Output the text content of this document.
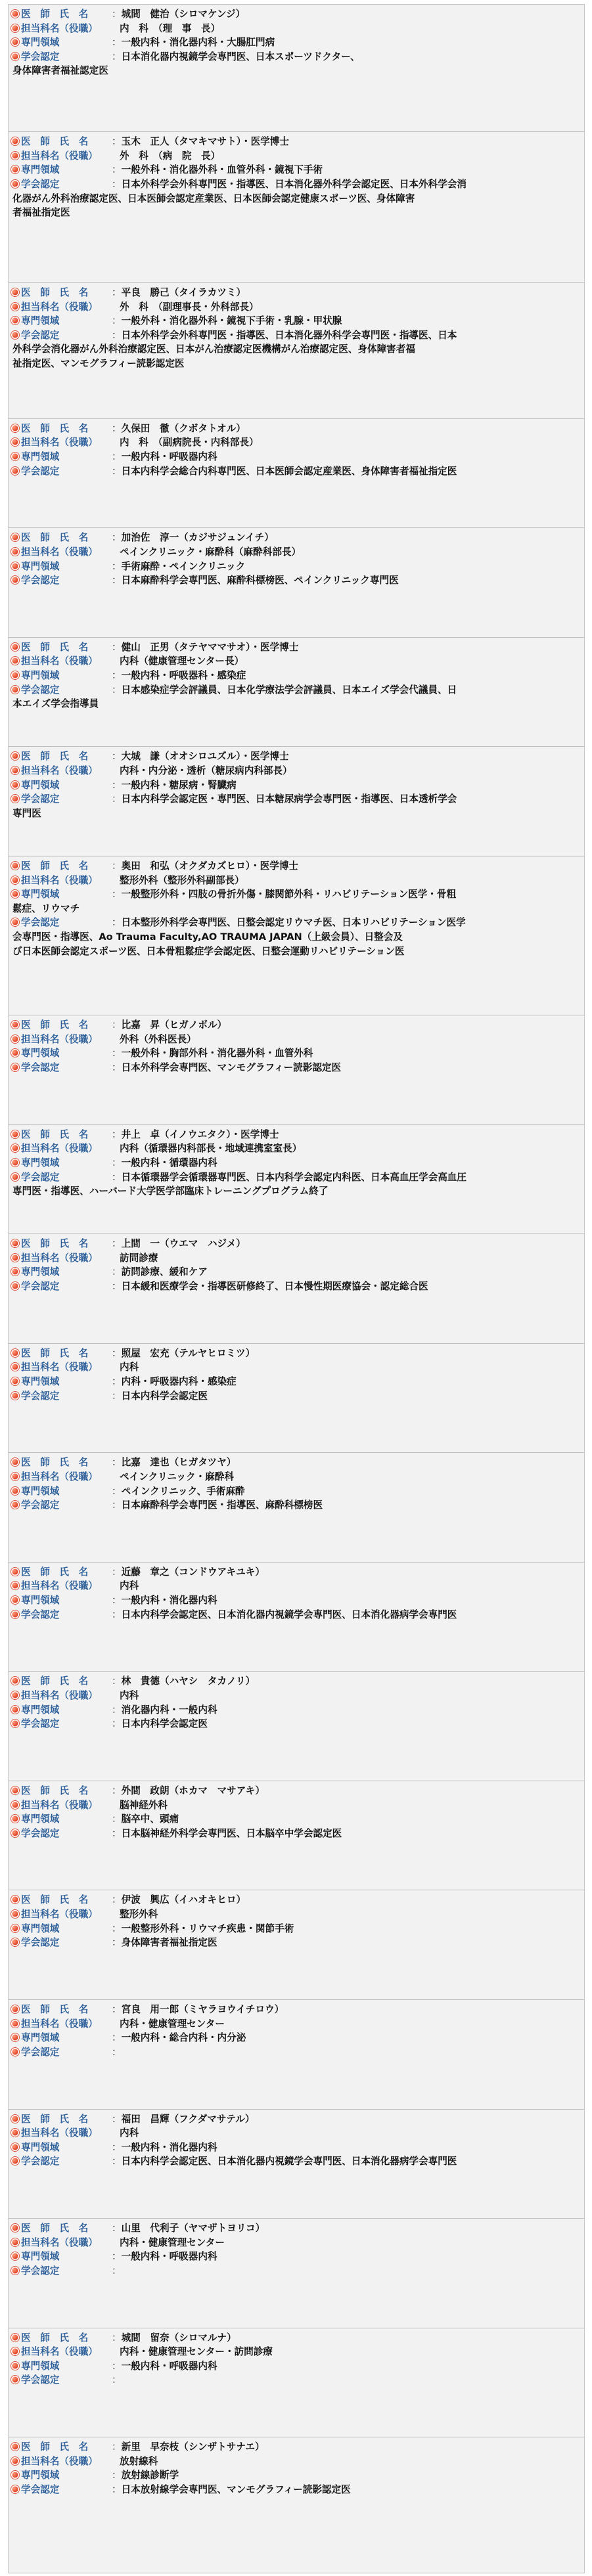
医　師　氏　名 ：城間　健治（シロマケンジ）
担当科名（役職） 内　科　（理　事　長）
専門領域	：一般内科・消化器内科・大腸肛門病
学会認定	：日本消化器内視鏡学会専門医、日本スポーツドクター、
身体障害者福祉認定医
医　師　氏　名 ：玉木　正人（タマキマサト）・医学博士
担当科名（役職） 外　科　（病　院　長）
専門領域	：一般外科・消化器外科・血管外科・鏡視下手術
学会認定	：日本外科学会外科専門医・指導医、日本消化器外科学会認定医、日本外科学会消
化器がん外科治療認定医、日本医師会認定産業医、日本医師会認定健康スポーツ医、身体障害
者福祉指定医
医　師　氏　名 ：平良　勝己（タイラカツミ）
担当科名（役職） 外　科　（副理事長・外科部長）
専門領域	：一般外科・消化器外科・鏡視下手術・乳腺・甲状腺
学会認定	：日本外科学会外科専門医・指導医、日本消化器外科学会専門医・指導医、日本
外科学会消化器がん外科治療認定医、日本がん治療認定医機構がん治療認定医、身体障害者福
祉指定医、マンモグラフィー読影認定医
医　師　氏　名 ：久保田　徹（クボタトオル）
担当科名（役職） 内　科　（副病院長・内科部長）
専門領域	：一般内科・呼吸器内科
学会認定	：日本内科学会総合内科専門医、日本医師会認定産業医、身体障害者福祉指定医
医　師　氏　名 ：加治佐　淳一（カジサジュンイチ）
担当科名（役職） ペインクリニック・麻酔科（麻酔科部長）
専門領域	：手術麻酔・ペインクリニック
学会認定	：日本麻酔科学会専門医、麻酔科標榜医、ペインクリニック専門医
医　師　氏　名 ：健山　正男（タテヤママサオ）・医学博士
担当科名（役職） 内科（健康管理センター長）
専門領域	：一般内科・呼吸器科・感染症
学会認定	：日本感染症学会評議員、日本化学療法学会評議員、日本エイズ学会代議員、日
本エイズ学会指導員
医　師　氏　名 ：大城　謙（オオシロユズル）・医学博士
担当科名（役職） 内科・内分泌・透析（糖尿病内科部長）
専門領域	：一般内科・糖尿病・腎臓病
学会認定	：日本内科学会認定医・専門医、日本糖尿病学会専門医・指導医、日本透析学会
専門医
医　師　氏　名 ：奥田　和弘（オクダカズヒロ）・医学博士
担当科名（役職） 整形外科（整形外科副部長）
専門領域	：一般整形外科・四肢の骨折外傷・膝関節外科・リハビリテーション医学・骨粗
鬆症、リウマチ
学会認定	：日本整形外科学会専門医、日整会認定リウマチ医、日本リハビリテーション医学
会専門医・指導医、Ao Trauma Faculty,AO TRAUMA JAPAN（上級会員）、日整会及
び日本医師会認定スポーツ医、日本骨粗鬆症学会認定医、日整会運動リハビリテーション医
医　師　氏　名 ：比嘉　昇（ヒガノボル）
担当科名（役職） 外科（外科医長）
専門領域	：一般外科・胸部外科・消化器外科・血管外科
学会認定	：日本外科学会専門医、マンモグラフィー読影認定医
医　師　氏　名 ：井上　卓（イノウエタク）・医学博士
担当科名（役職） 内科（循環器内科部長・地域連携室室長）
専門領域	：一般内科・循環器内科
学会認定	：日本循環器学会循環器専門医、日本内科学会認定内科医、日本高血圧学会高血圧
専門医・指導医、ハーバード大学医学部臨床トレーニングプログラム終了
医　師　氏　名 ：上間　一（ウエマ　ハジメ）
担当科名（役職） 訪問診療
専門領域	：訪問診療、緩和ケア
学会認定	：日本緩和医療学会・指導医研修終了、日本慢性期医療協会・認定総合医
医　師　氏　名 ：照屋　宏充（テルヤヒロミツ）
担当科名（役職） 内科
専門領域	：内科・呼吸器内科・感染症
学会認定	：日本内科学会認定医
医　師　氏　名 ：比嘉　達也（ヒガタツヤ）
担当科名（役職） ペインクリニック・麻酔科
専門領域	：ペインクリニック、手術麻酔
学会認定	：日本麻酔科学会専門医・指導医、麻酔科標榜医
医　師　氏　名 ：近藤　章之（コンドウアキユキ）
担当科名（役職） 内科
専門領域	：一般内科・消化器内科
学会認定	：日本内科学会認定医、日本消化器内視鏡学会専門医、日本消化器病学会専門医
医　師　氏　名 ：林　貴德（ハヤシ　タカノリ）
担当科名（役職） 内科
専門領域	：消化器内科・一般内科
学会認定	：日本内科学会認定医
医　師　氏　名 ：外間　政朗（ホカマ　マサアキ）
担当科名（役職） 脳神経外科
専門領域	：脳卒中、頭痛
学会認定	：日本脳神経外科学会専門医、日本脳卒中学会認定医
医　師　氏　名 ：伊波　興広（イハオキヒロ）
担当科名（役職） 整形外科
専門領域	：一般整形外科・リウマチ疾患・関節手術
学会認定	：身体障害者福祉指定医
医　師　氏　名 ：宮良　用一郎（ミヤラヨウイチロウ）
担当科名（役職） 内科・健康管理センター
専門領域	：一般内科・総合内科・内分泌
学会認定	：
医　師　氏　名 ：福田　昌輝（フクダマサテル）
担当科名（役職） 内科
専門領域	：一般内科・消化器内科
学会認定	：日本内科学会認定医、日本消化器内視鏡学会専門医、日本消化器病学会専門医
医　師　氏　名 ：山里　代利子（ヤマザトヨリコ）
担当科名（役職） 内科・健康管理センター
専門領域	：一般内科・呼吸器内科
学会認定	：
医　師　氏　名 ：城間　留奈（シロマルナ）
担当科名（役職） 内科・健康管理センター・訪問診療
専門領域	：一般内科・呼吸器内科
学会認定	：
医　師　氏　名 ：新里　早奈枝（シンザトサナエ）
担当科名（役職） 放射線科
専門領域	：放射線診断学
学会認定	：日本放射線学会専門医、マンモグラフィー読影認定医
